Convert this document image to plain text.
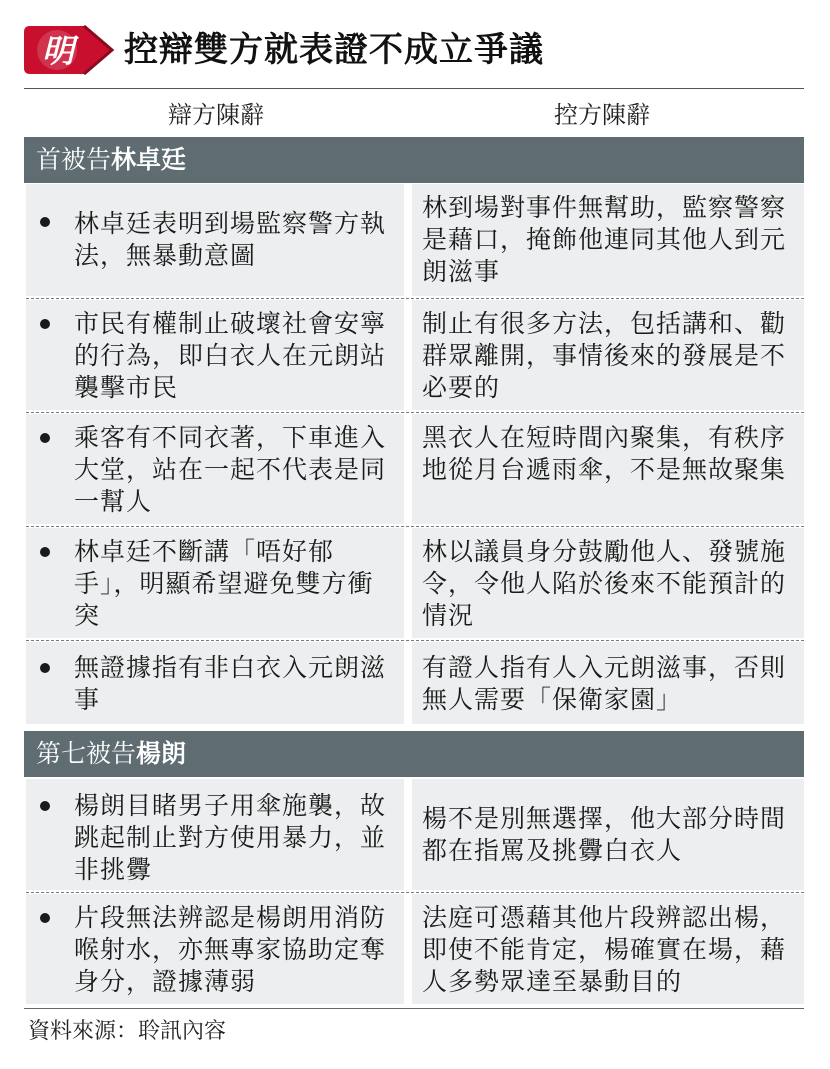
明 控辯雙方就表證不成立爭議
辯方陳辭	控方陳辭
首被告林卓廷
林卓廷表明到場監察警方執法，無暴動意圖
林到場對事件無幫助，監察警察是藉口，掩飾他連同其他人到元朗滋事
市民有權制止破壞社會安寧的行為，即白衣人在元朗站襲擊市民
制止有很多方法，包括講和、勸群眾離開，事情後來的發展是不必要的
乘客有不同衣著，下車進入大堂，站在一起不代表是同一幫人
黑衣人在短時間內聚集，有秩序地從月台遞雨傘，不是無故聚集
林卓廷不斷講「唔好郁手」，明顯希望避免雙方衝突
林以議員身分鼓勵他人、發號施令，令他人陷於後來不能預計的情況
無證據指有非白衣入元朗滋事
有證人指有人入元朗滋事，否則無人需要「保衛家園」
第七被告楊朗
楊朗目睹男子用傘施襲，故跳起制止對方使用暴力，並非挑釁
楊不是別無選擇，他大部分時間都在指罵及挑釁白衣人
片段無法辨認是楊朗用消防喉射水，亦無專家協助定奪身分，證據薄弱
法庭可憑藉其他片段辨認出楊，即使不能肯定，楊確實在場，藉人多勢眾達至暴動目的
資料來源：聆訊內容
